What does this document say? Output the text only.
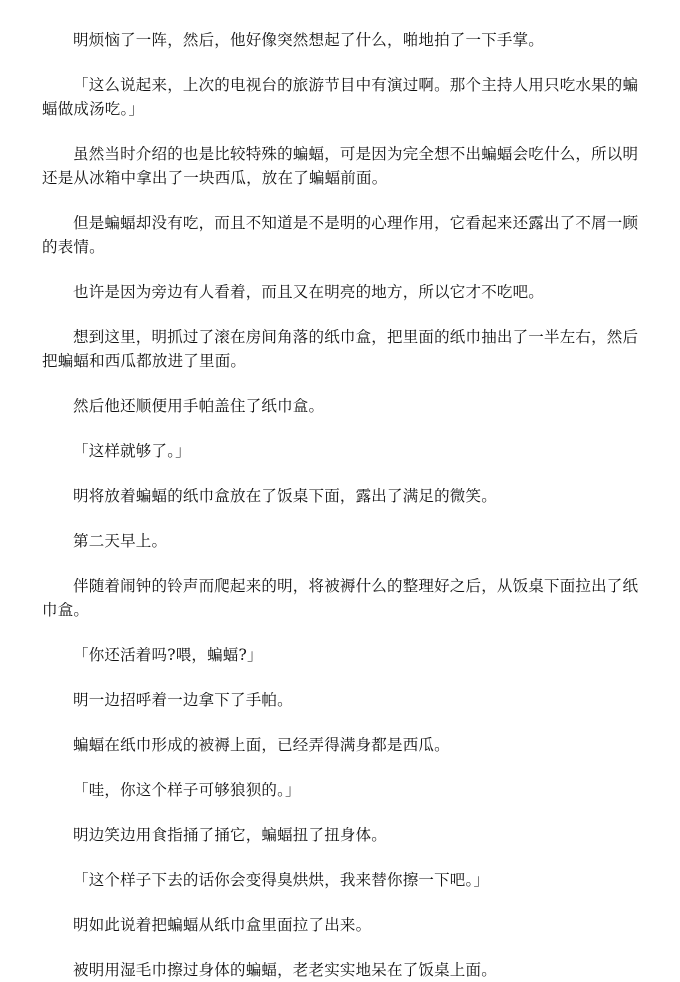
明烦恼了一阵，然后，他好像突然想起了什么，啪地拍了一下手掌。

「这么说起来，上次的电视台的旅游节目中有演过啊。那个主持人用只吃水果的蝙蝠做成汤吃。」

虽然当时介绍的也是比较特殊的蝙蝠，可是因为完全想不出蝙蝠会吃什么，所以明还是从冰箱中拿出了一块西瓜，放在了蝙蝠前面。

但是蝙蝠却没有吃，而且不知道是不是明的心理作用，它看起来还露出了不屑一顾的表情。

也许是因为旁边有人看着，而且又在明亮的地方，所以它才不吃吧。

想到这里，明抓过了滚在房间角落的纸巾盒，把里面的纸巾抽出了一半左右，然后把蝙蝠和西瓜都放进了里面。

然后他还顺便用手帕盖住了纸巾盒。

「这样就够了。」

明将放着蝙蝠的纸巾盒放在了饭桌下面，露出了满足的微笑。

第二天早上。

伴随着闹钟的铃声而爬起来的明，将被褥什么的整理好之后，从饭桌下面拉出了纸巾盒。

「你还活着吗?喂，蝙蝠?」

明一边招呼着一边拿下了手帕。

蝙蝠在纸巾形成的被褥上面，已经弄得满身都是西瓜。

「哇，你这个样子可够狼狈的。」

明边笑边用食指捅了捅它，蝙蝠扭了扭身体。

「这个样子下去的话你会变得臭烘烘，我来替你擦一下吧。」

明如此说着把蝙蝠从纸巾盒里面拉了出来。

被明用湿毛巾擦过身体的蝙蝠，老老实实地呆在了饭桌上面。
